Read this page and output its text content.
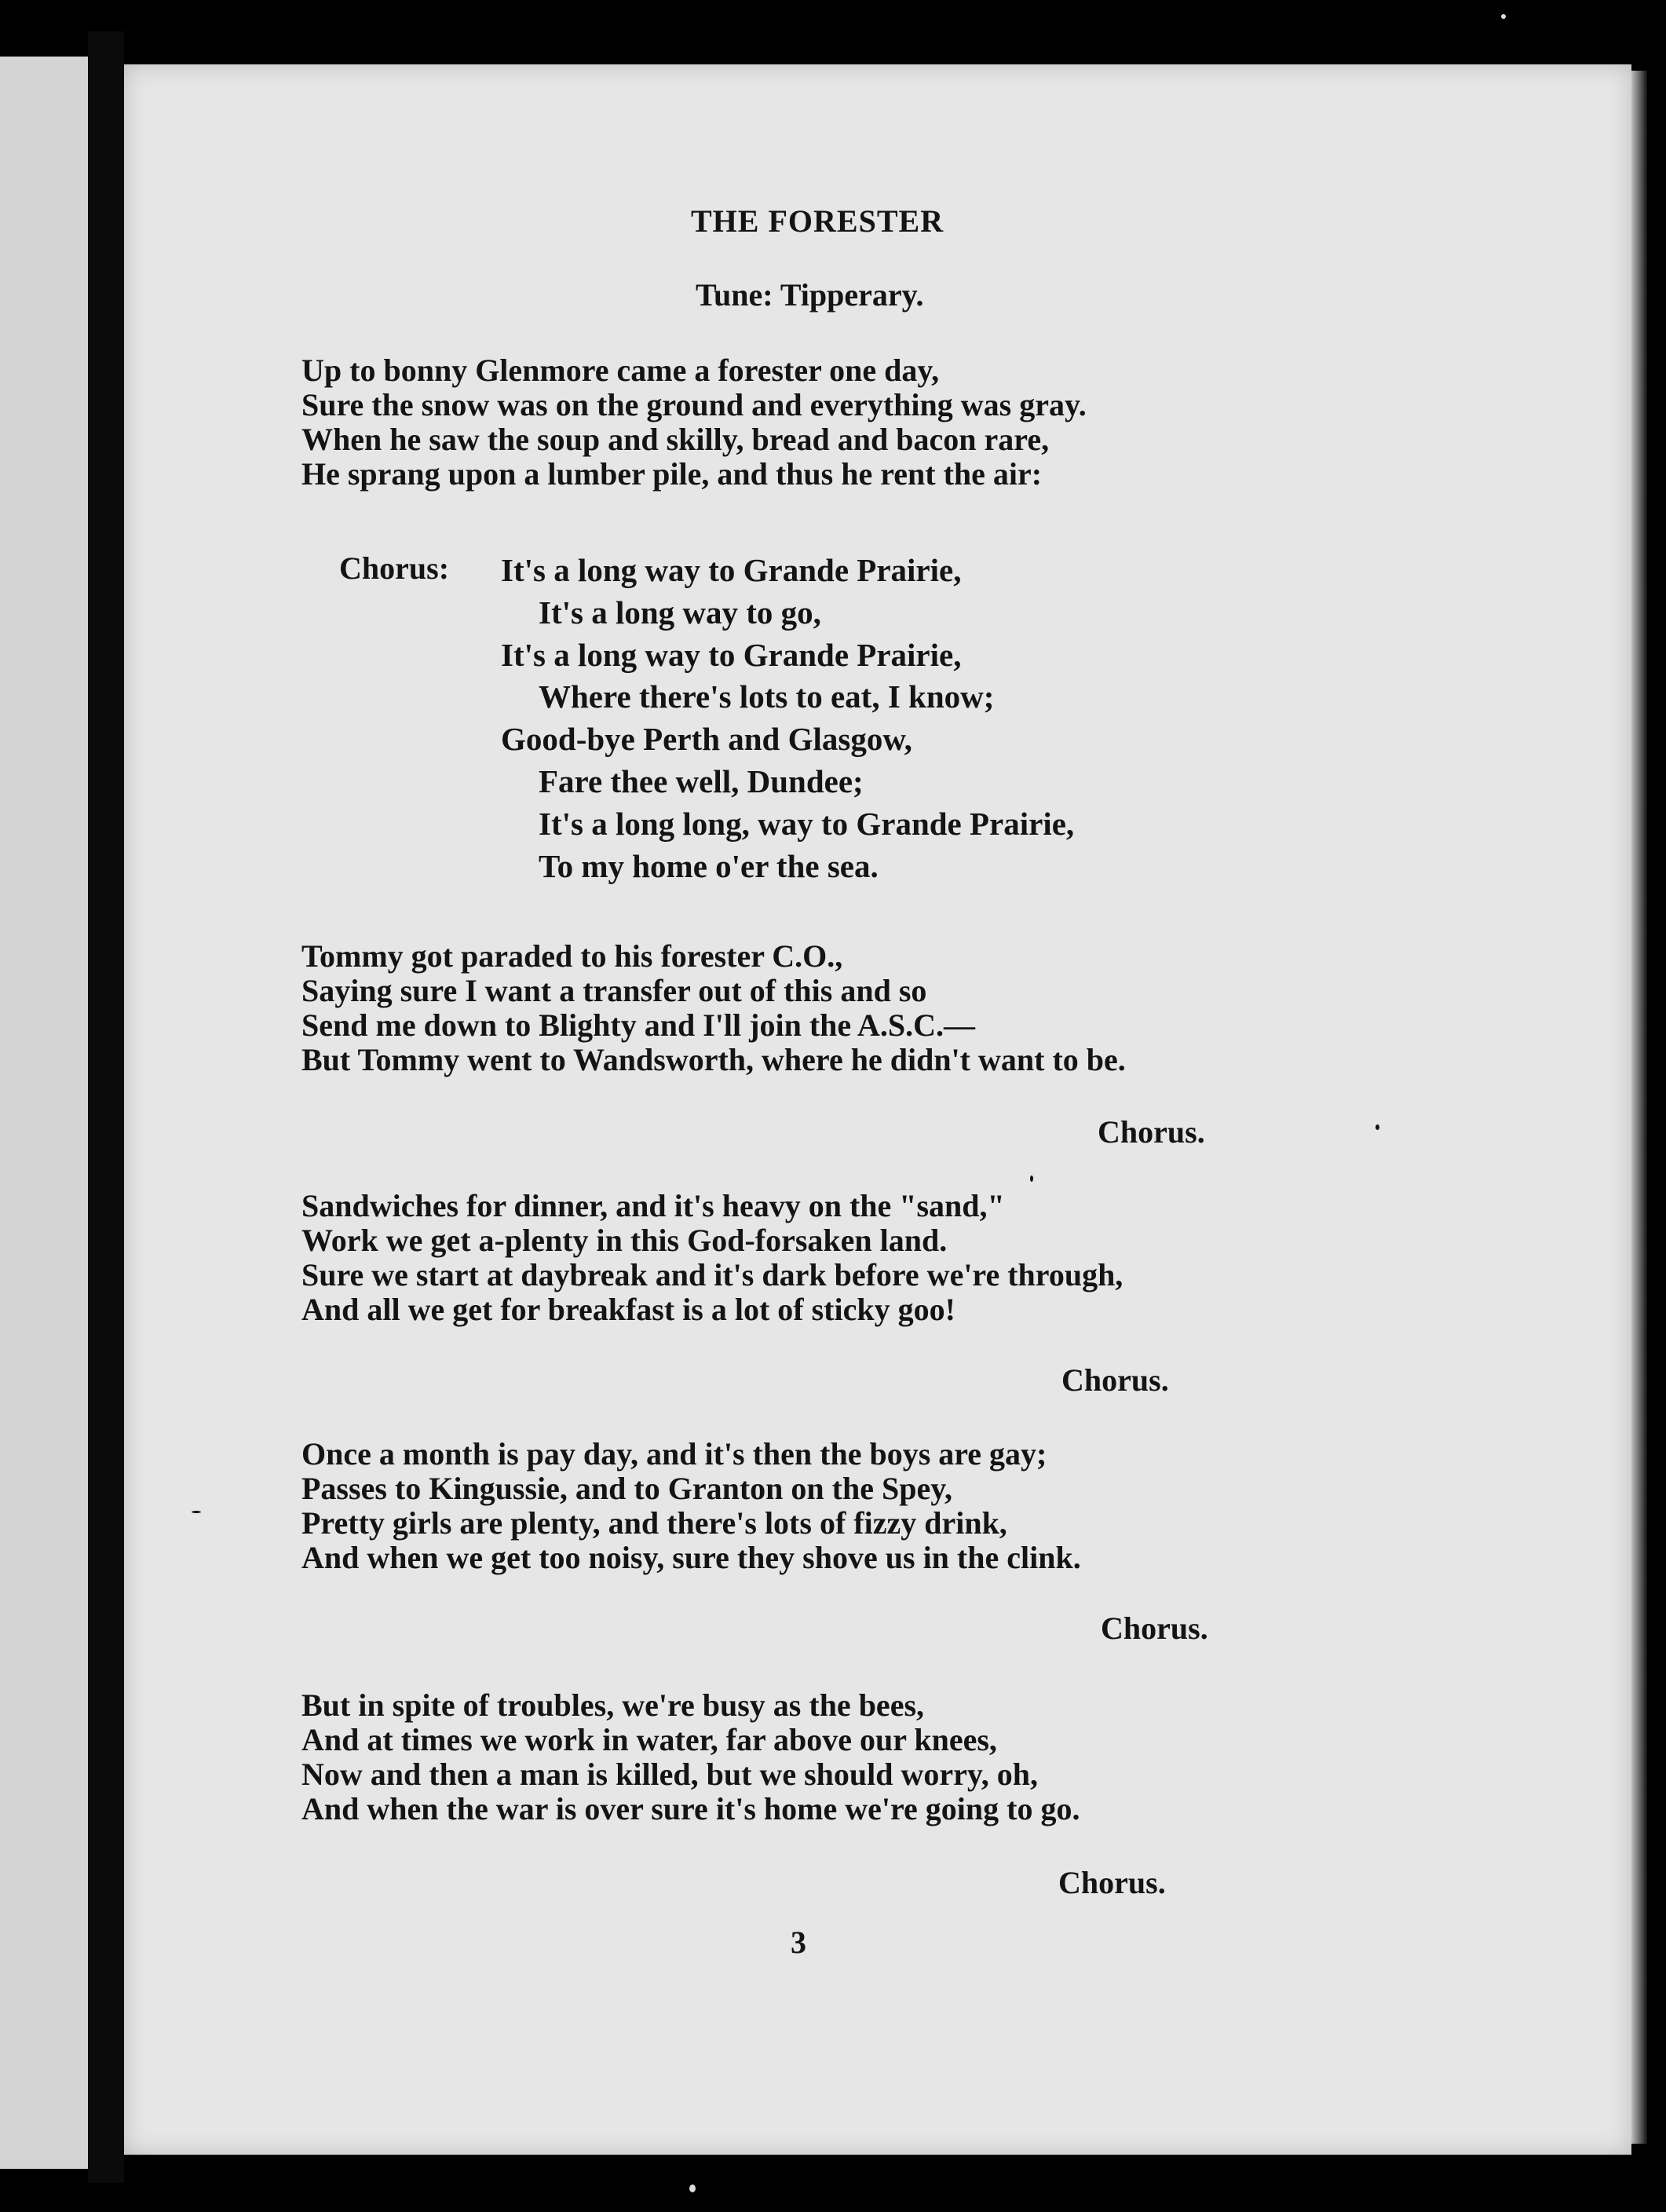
THE FORESTER
Tune: Tipperary.
Up to bonny Glenmore came a forester one day,
Sure the snow was on the ground and everything was gray.
When he saw the soup and skilly, bread and bacon rare,
He sprang upon a lumber pile, and thus he rent the air:
Chorus: It's a long way to Grande Prairie,
It's a long way to go,
It's a long way to Grande Prairie,
Where there's lots to eat, I know;
Good-bye Perth and Glasgow,
Fare thee well, Dundee;
It's a long long, way to Grande Prairie,
To my home o'er the sea.
Tommy got paraded to his forester C.O.,
Saying sure I want a transfer out of this and so
Send me down to Blighty and I'll join the A.S.C.—
But Tommy went to Wandsworth, where he didn't want to be.
Chorus.
Sandwiches for dinner, and it's heavy on the "sand,"
Work we get a-plenty in this God-forsaken land.
Sure we start at daybreak and it's dark before we're through,
And all we get for breakfast is a lot of sticky goo!
Chorus.
Once a month is pay day, and it's then the boys are gay;
Passes to Kingussie, and to Granton on the Spey,
Pretty girls are plenty, and there's lots of fizzy drink,
And when we get too noisy, sure they shove us in the clink.
Chorus.
But in spite of troubles, we're busy as the bees,
And at times we work in water, far above our knees,
Now and then a man is killed, but we should worry, oh,
And when the war is over sure it's home we're going to go.
Chorus.
3
